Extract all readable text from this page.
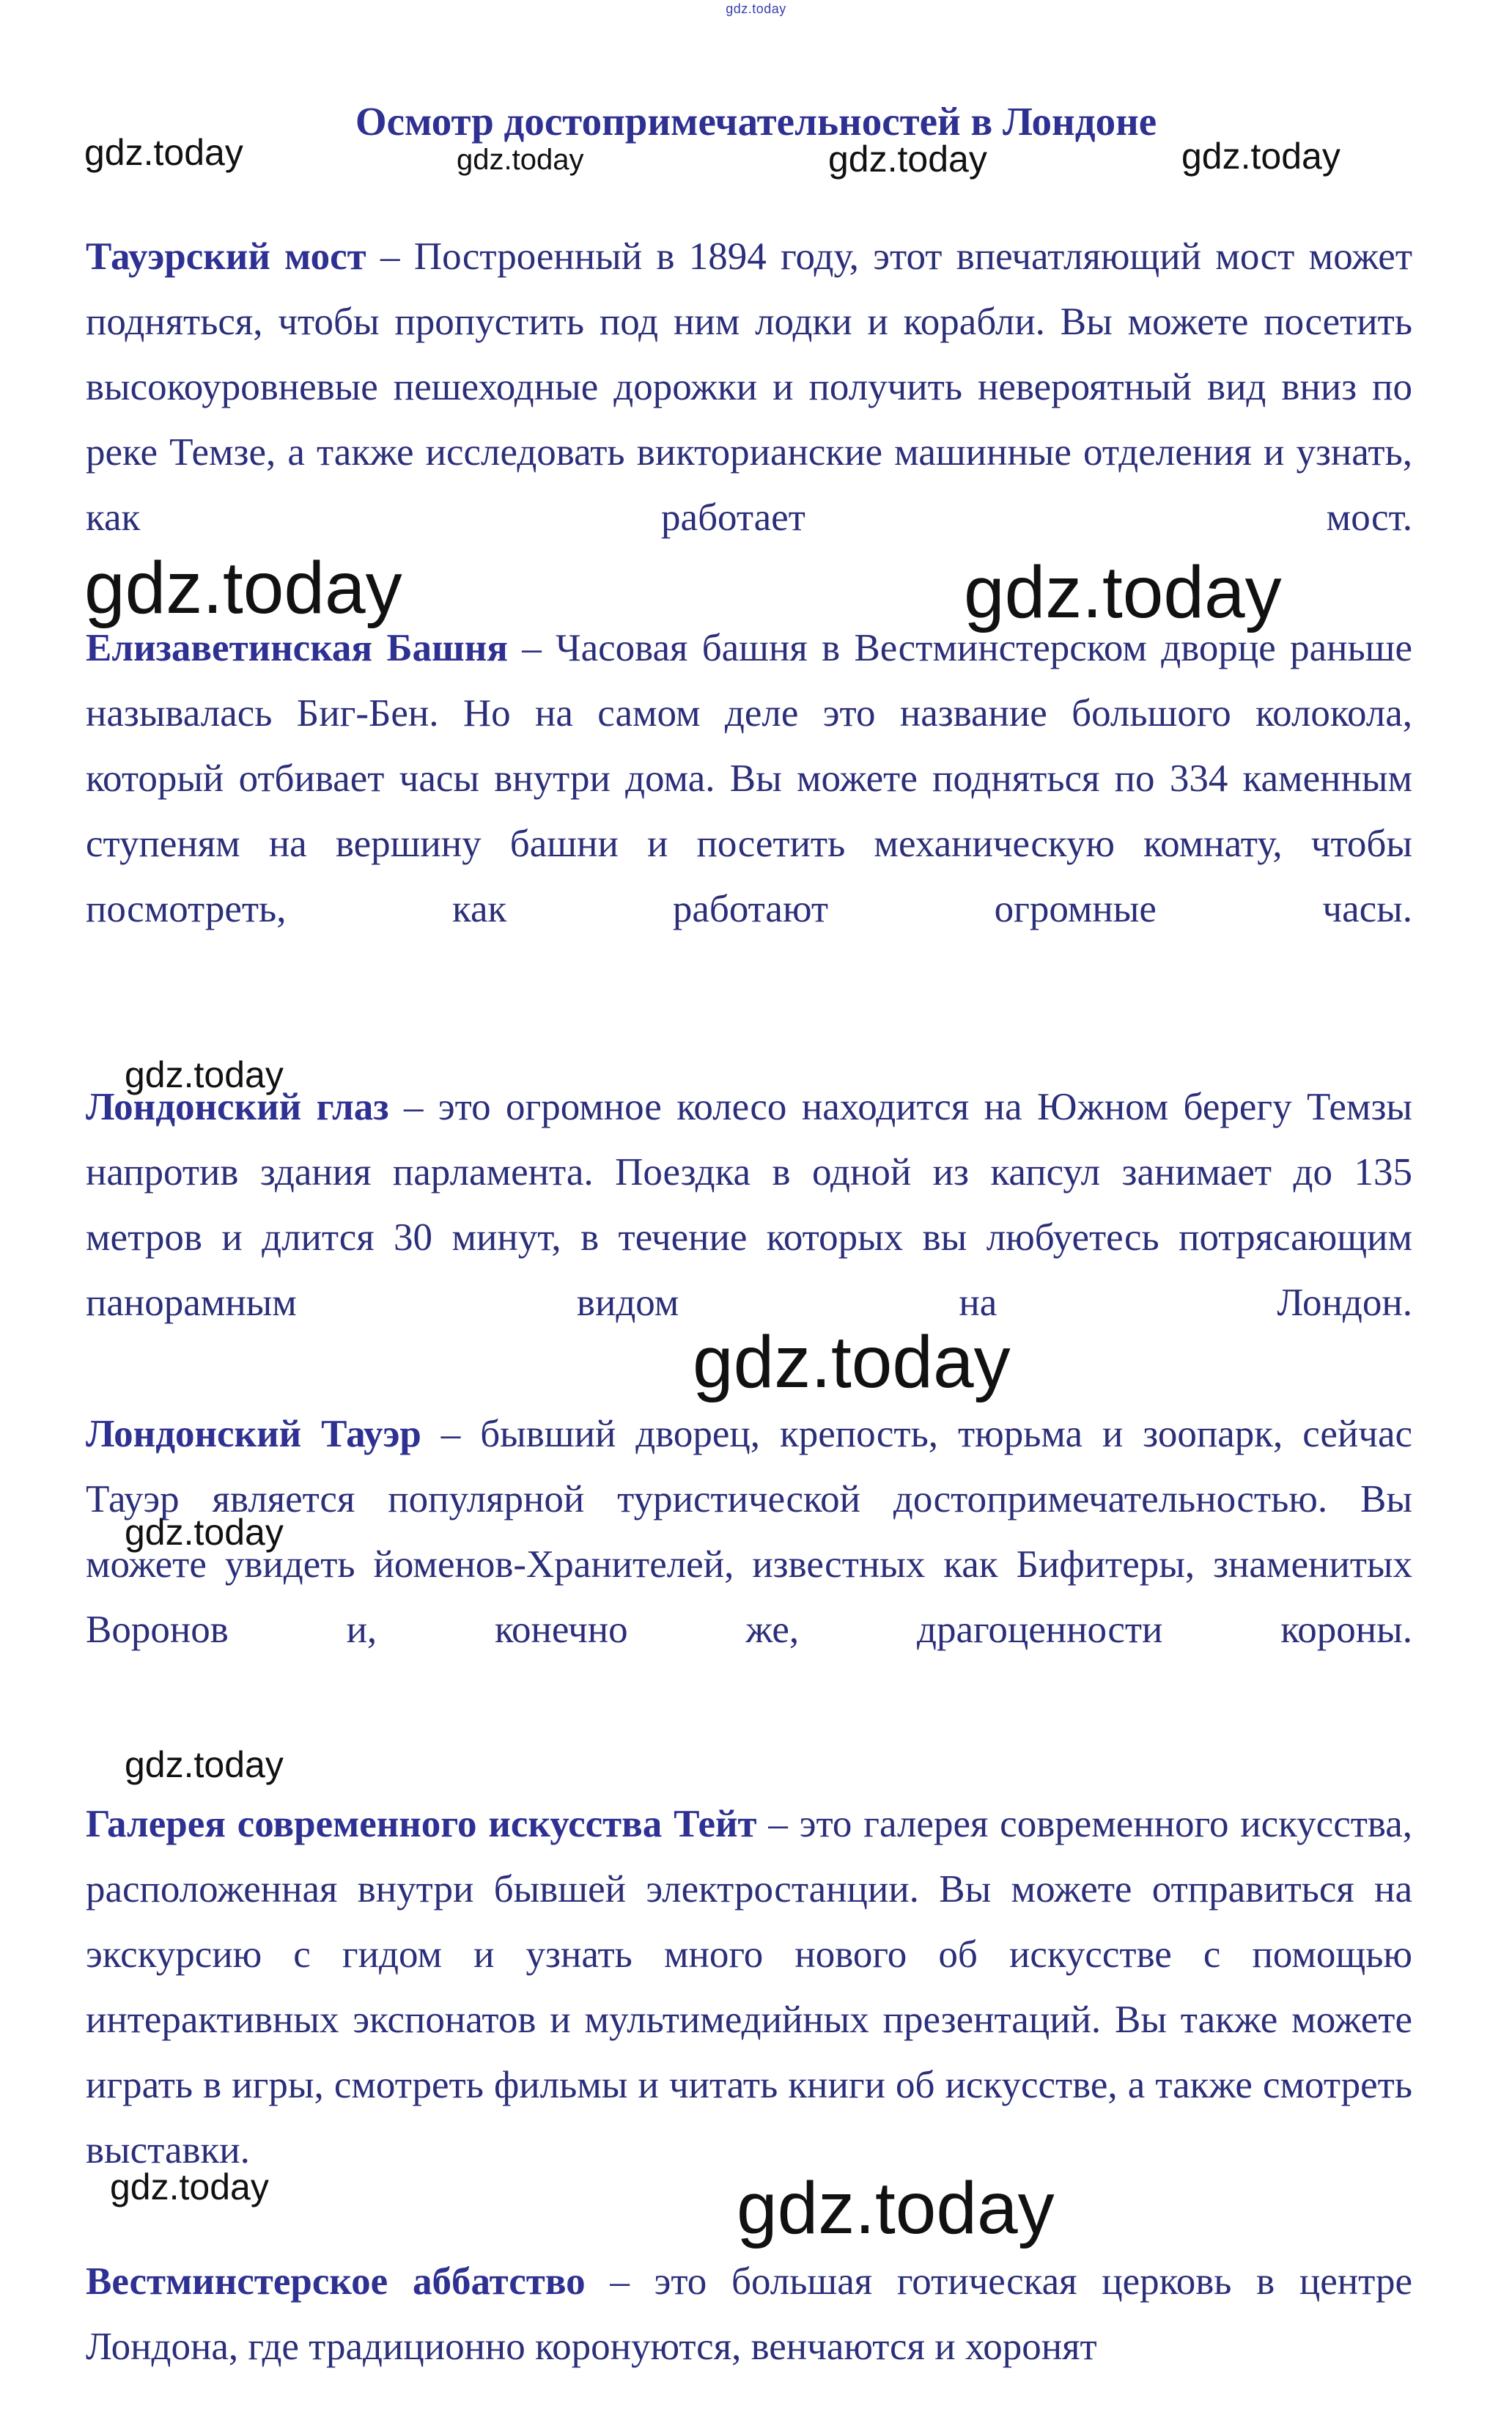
gdz.today
Осмотр достопримечательностей в Лондоне
Тауэрский мост – Построенный в 1894 году, этот впечатляющий мост может подняться, чтобы пропустить под ним лодки и корабли. Вы можете посетить высокоуровневые пешеходные дорожки и получить невероятный вид вниз по реке Темзе, а также исследовать викторианские машинные отделения и узнать, как работает мост.
Елизаветинская Башня – Часовая башня в Вестминстерском дворце раньше называлась Биг-Бен. Но на самом деле это название большого колокола, который отбивает часы внутри дома. Вы можете подняться по 334 каменным ступеням на вершину башни и посетить механическую комнату, чтобы посмотреть, как работают огромные часы.
Лондонский глаз – это огромное колесо находится на Южном берегу Темзы напротив здания парламента. Поездка в одной из капсул занимает до 135 метров и длится 30 минут, в течение которых вы любуетесь потрясающим панорамным видом на Лондон.
Лондонский Тауэр – бывший дворец, крепость, тюрьма и зоопарк, сейчас Тауэр является популярной туристической достопримечательностью. Вы можете увидеть йоменов-Хранителей, известных как Бифитеры, знаменитых Воронов и, конечно же, драгоценности короны.
Галерея современного искусства Тейт – это галерея современного искусства, расположенная внутри бывшей электростанции. Вы можете отправиться на экскурсию с гидом и узнать много нового об искусстве с помощью интерактивных экспонатов и мультимедийных презентаций. Вы также можете играть в игры, смотреть фильмы и читать книги об искусстве, а также смотреть выставки.
Вестминстерское аббатство – это большая готическая церковь в центре Лондона, где традиционно коронуются, венчаются и хоронят
gdz.today	gdz.today	gdz.today	gdz.today
gdz.today	gdz.today
gdz.today
gdz.today
gdz.today
gdz.today
gdz.today	gdz.today
